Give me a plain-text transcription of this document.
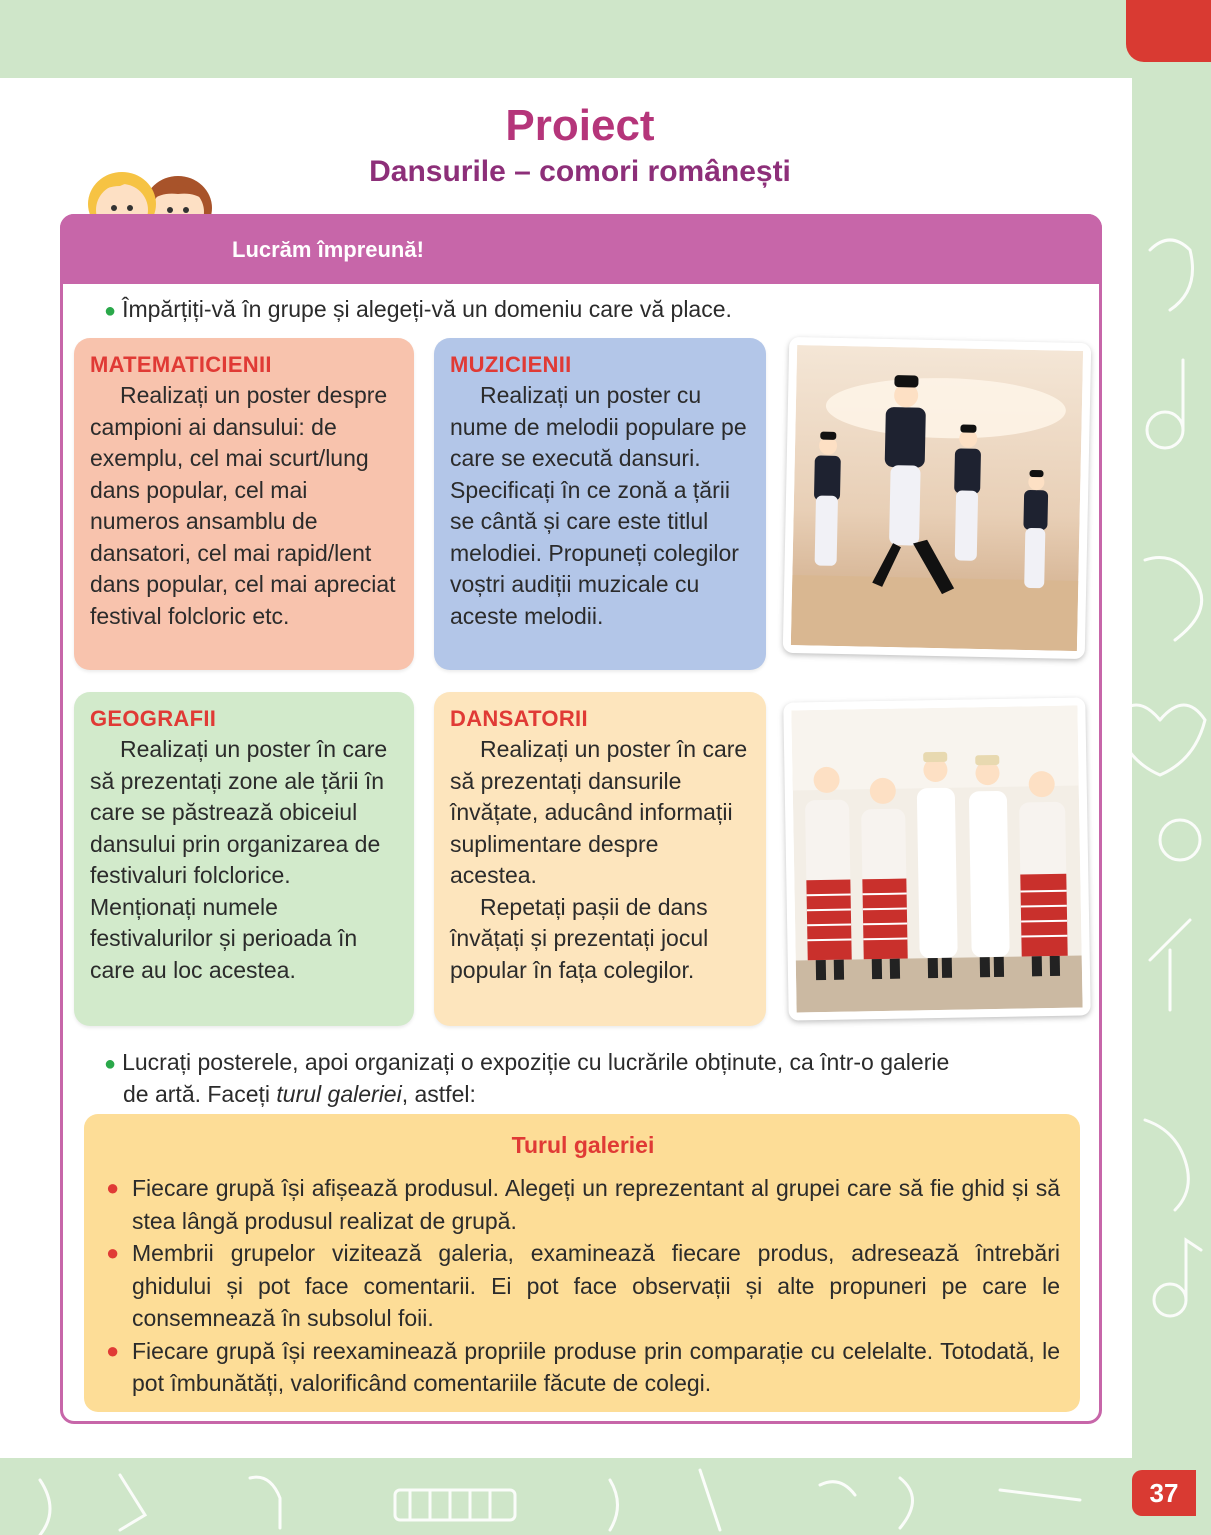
37
Proiect
Dansurile – comori românești
Lucrăm împreună!
● Împărțiți-vă în grupe și alegeți-vă un domeniu care vă place.
MATEMATICIENII

Realizați un poster despre campioni ai dansului: de exemplu, cel mai scurt/lung dans popular, cel mai numeros ansamblu de dansatori, cel mai rapid/lent dans popular, cel mai apreciat festival folcloric etc.

MUZICIENII

Realizați un poster cu nume de melodii populare pe care se execută dansuri. Specificați în ce zonă a țării se cântă și care este titlul melodiei. Propuneți colegilor voștri audiții muzicale cu aceste melodii.

GEOGRAFII

Realizați un poster în care să prezentați zone ale țării în care se păstrează obiceiul dansului prin organizarea de festivaluri folclorice. Menționați numele festivalurilor și perioada în care au loc acestea.

DANSATORII

Realizați un poster în care să prezentați dansurile învățate, aducând informații suplimentare despre acestea.

Repetați pașii de dans învățați și prezentați jocul popular în fața colegilor.

● Lucrați posterele, apoi organizați o expoziție cu lucrările obținute, ca într-o galerie
de artă. Faceți turul galeriei, astfel:
Turul galeriei
● Fiecare grupă își afișează produsul. Alegeți un reprezentant al grupei care să fie ghid și să stea lângă produsul realizat de grupă.
● Membrii grupelor vizitează galeria, examinează fiecare produs, adresează întrebări ghidului și pot face comentarii. Ei pot face observații și alte propuneri pe care le consemnează în subsolul foii.
● Fiecare grupă își reexaminează propriile produse prin comparație cu celelalte. Totodată, le pot îmbunătăți, valorificând comentariile făcute de colegi.
